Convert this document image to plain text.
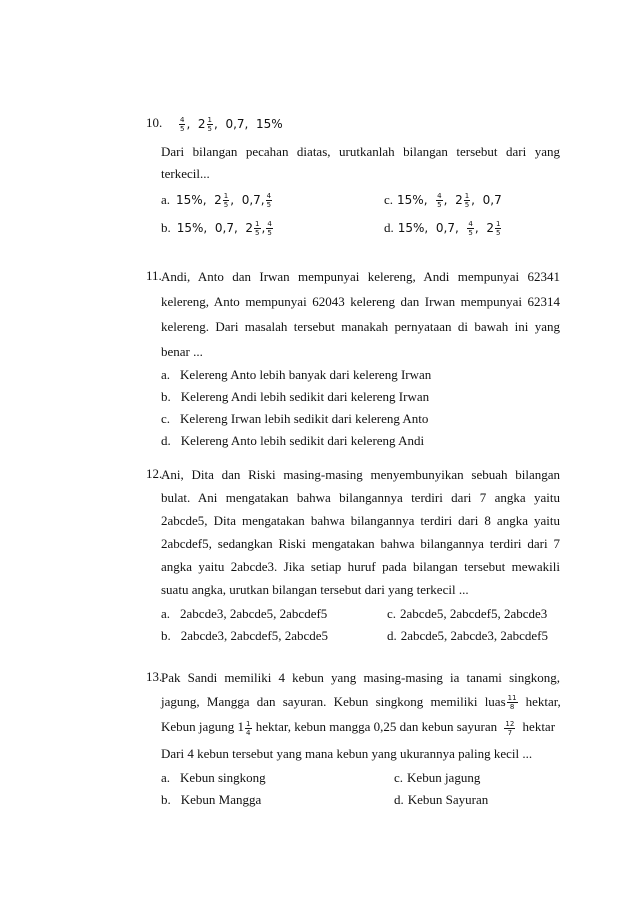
10. $\frac{4}{5}$ ,  $2 \frac{1}{5}$ ,  0,7,  15%
Dari bilangan pecahan diatas, urutkanlah bilangan tersebut dari yang
terkecil...
a. 15%,  $2 \frac{1}{5}$ ,  0,7, $\frac{4}{5}$
b. 15%,  0,7,  $2 \frac{1}{5}$ , $\frac{4}{5}$
c. 15%, $\frac{4}{5}$ ,  $2 \frac{1}{5}$ ,  0,7
d. 15%,  0,7, $\frac{4}{5}$ ,  $2 \frac{1}{5}$
11. Andi, Anto dan Irwan mempunyai kelereng, Andi mempunyai 62341
kelereng, Anto mempunyai 62043 kelereng dan Irwan mempunyai 62314
kelereng. Dari masalah tersebut manakah pernyataan di bawah ini yang
benar ...
a. Kelereng Anto lebih banyak dari kelereng Irwan
b. Kelereng Andi lebih sedikit dari kelereng Irwan
c. Kelereng Irwan lebih sedikit dari kelereng Anto
d. Kelereng Anto lebih sedikit dari kelereng Andi
12.
Ani, Dita dan Riski masing-masing menyembunyikan sebuah bilangan
bulat. Ani mengatakan bahwa bilangannya terdiri dari 7 angka yaitu
2abcde5, Dita mengatakan bahwa bilangannya terdiri dari 8 angka yaitu
2abcdef5, sedangkan Riski mengatakan bahwa bilangannya terdiri dari 7
angka yaitu 2abcde3. Jika setiap huruf pada bilangan tersebut mewakili
suatu angka, urutkan bilangan tersebut dari yang terkecil ...
a. 2abcde3, 2abcde5, 2abcdef5
b. 2abcde3, 2abcdef5, 2abcde5
c. 2abcde5, 2abcdef5, 2abcde3
d. 2abcde5, 2abcde3, 2abcdef5
13.
Pak Sandi memiliki 4 kebun yang masing-masing ia tanami singkong,
jagung, Mangga dan sayuran. Kebun singkong memiliki luas $\frac{11}{8}$ hektar,
Kebun jagung $1 \frac{1}{4}$ hektar, kebun mangga 0,25 dan kebun sayuran $\frac{12}{7}$ hektar
Dari 4 kebun tersebut yang mana kebun yang ukurannya paling kecil ...
a. Kebun singkong
b. Kebun Mangga
c. Kebun jagung
d. Kebun Sayuran
